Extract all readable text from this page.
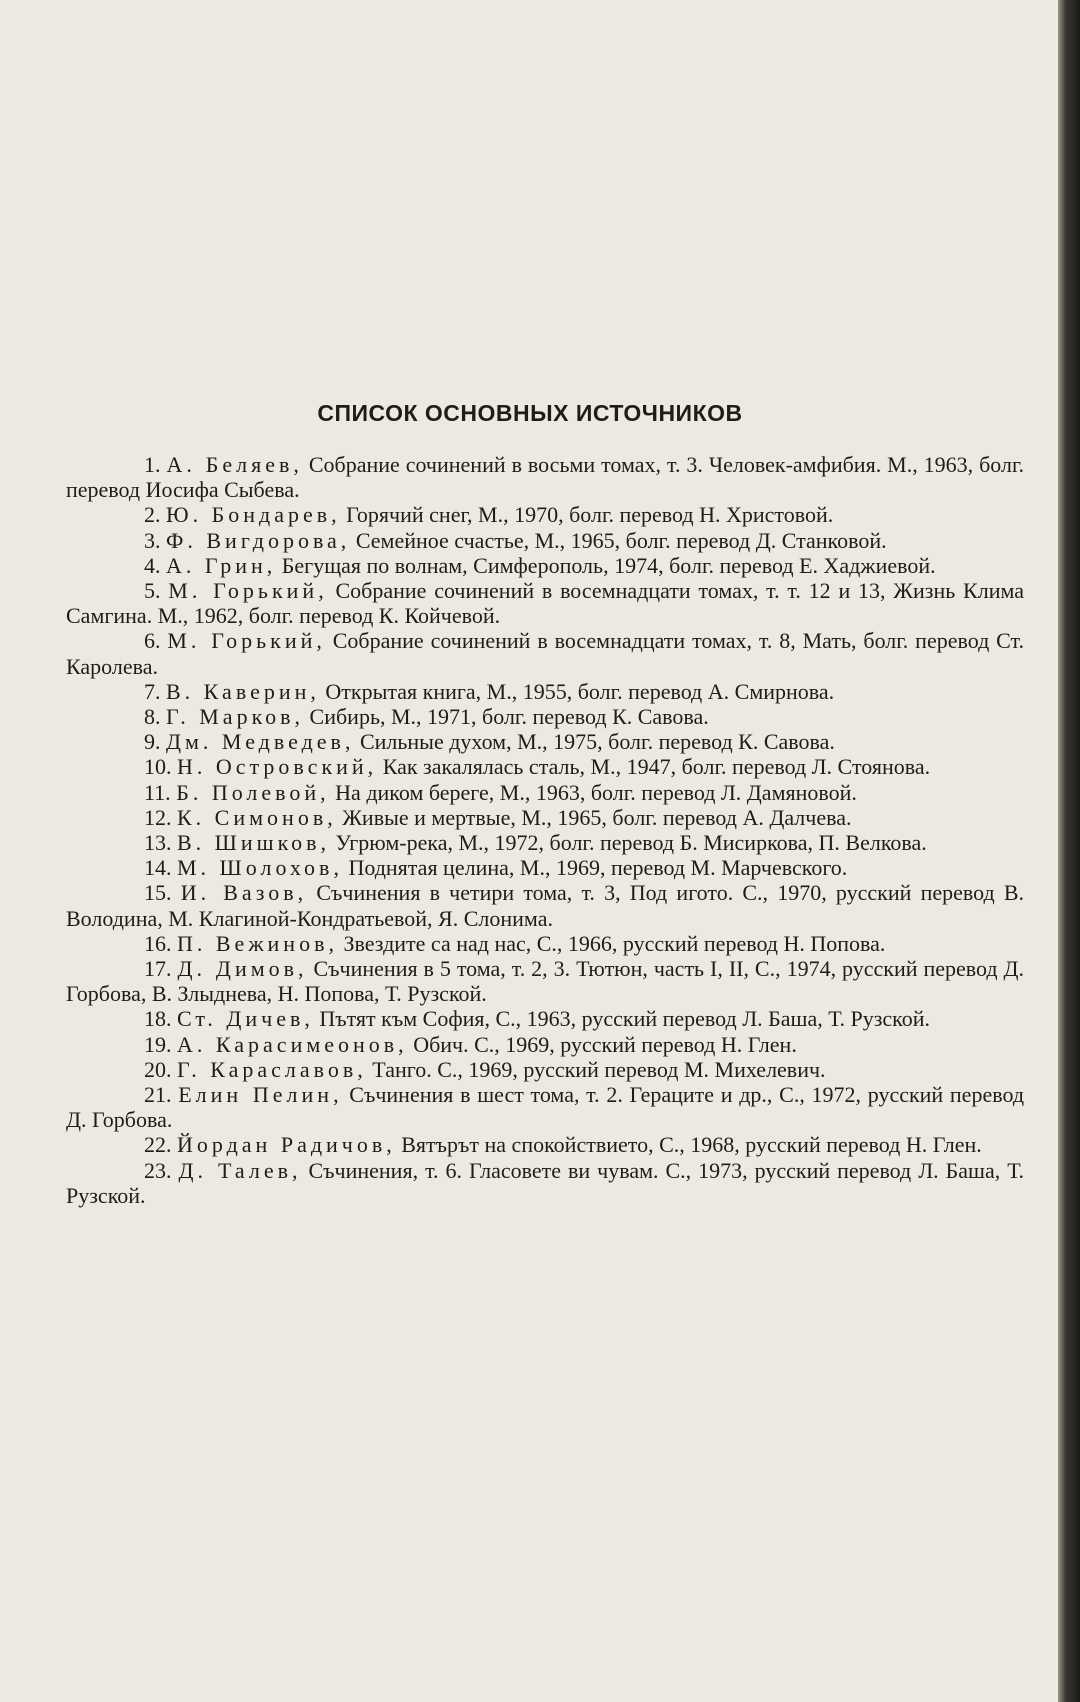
СПИСОК ОСНОВНЫХ ИСТОЧНИКОВ

1. А. Беляев, Собрание сочинений в восьми томах, т. 3. Человек-амфибия. М., 1963, болг. перевод Иосифа Сыбева.

2. Ю. Бондарев, Горячий снег, М., 1970, болг. перевод Н. Христовой.

3. Ф. Вигдорова, Семейное счастье, М., 1965, болг. перевод Д. Станковой.

4. А. Грин, Бегущая по волнам, Симферополь, 1974, болг. перевод Е. Хаджиевой.

5. М. Горький, Собрание сочинений в восемнадцати томах, т. т. 12 и 13, Жизнь Клима Самгина. М., 1962, болг. перевод К. Койчевой.

6. М. Горький, Собрание сочинений в восемнадцати томах, т. 8, Мать, болг. перевод Ст. Каролева.

7. В. Каверин, Открытая книга, М., 1955, болг. перевод А. Смирнова.

8. Г. Марков, Сибирь, М., 1971, болг. перевод К. Савова.

9. Дм. Медведев, Сильные духом, М., 1975, болг. перевод К. Савова.

10. Н. Островский, Как закалялась сталь, М., 1947, болг. перевод Л. Стоянова.

11. Б. Полевой, На диком береге, М., 1963, болг. перевод Л. Дамяновой.

12. К. Симонов, Живые и мертвые, М., 1965, болг. перевод А. Далчева.

13. В. Шишков, Угрюм-река, М., 1972, болг. перевод Б. Мисиркова, П. Велкова.

14. М. Шолохов, Поднятая целина, М., 1969, перевод М. Марчевского.

15. И. Вазов, Съчинения в четири тома, т. 3, Под игото. С., 1970, русский перевод В. Володина, М. Клагиной-Кондратьевой, Я. Слонима.

16. П. Вежинов, Звездите са над нас, С., 1966, русский перевод Н. Попова.

17. Д. Димов, Съчинения в 5 тома, т. 2, 3. Тютюн, часть I, II, С., 1974, русский перевод Д. Горбова, В. Злыднева, Н. Попова, Т. Рузской.

18. Ст. Дичев, Пътят към София, С., 1963, русский перевод Л. Баша, Т. Рузской.

19. А. Карасимеонов, Обич. С., 1969, русский перевод Н. Глен.

20. Г. Караславов, Танго. С., 1969, русский перевод М. Михелевич.

21. Елин Пелин, Съчинения в шест тома, т. 2. Гераците и др., С., 1972, русский перевод Д. Горбова.

22. Йордан Радичов, Вятърът на спокойствието, С., 1968, русский перевод Н. Глен.

23. Д. Талев, Съчинения, т. 6. Гласовете ви чувам. С., 1973, русский перевод Л. Баша, Т. Рузской.
